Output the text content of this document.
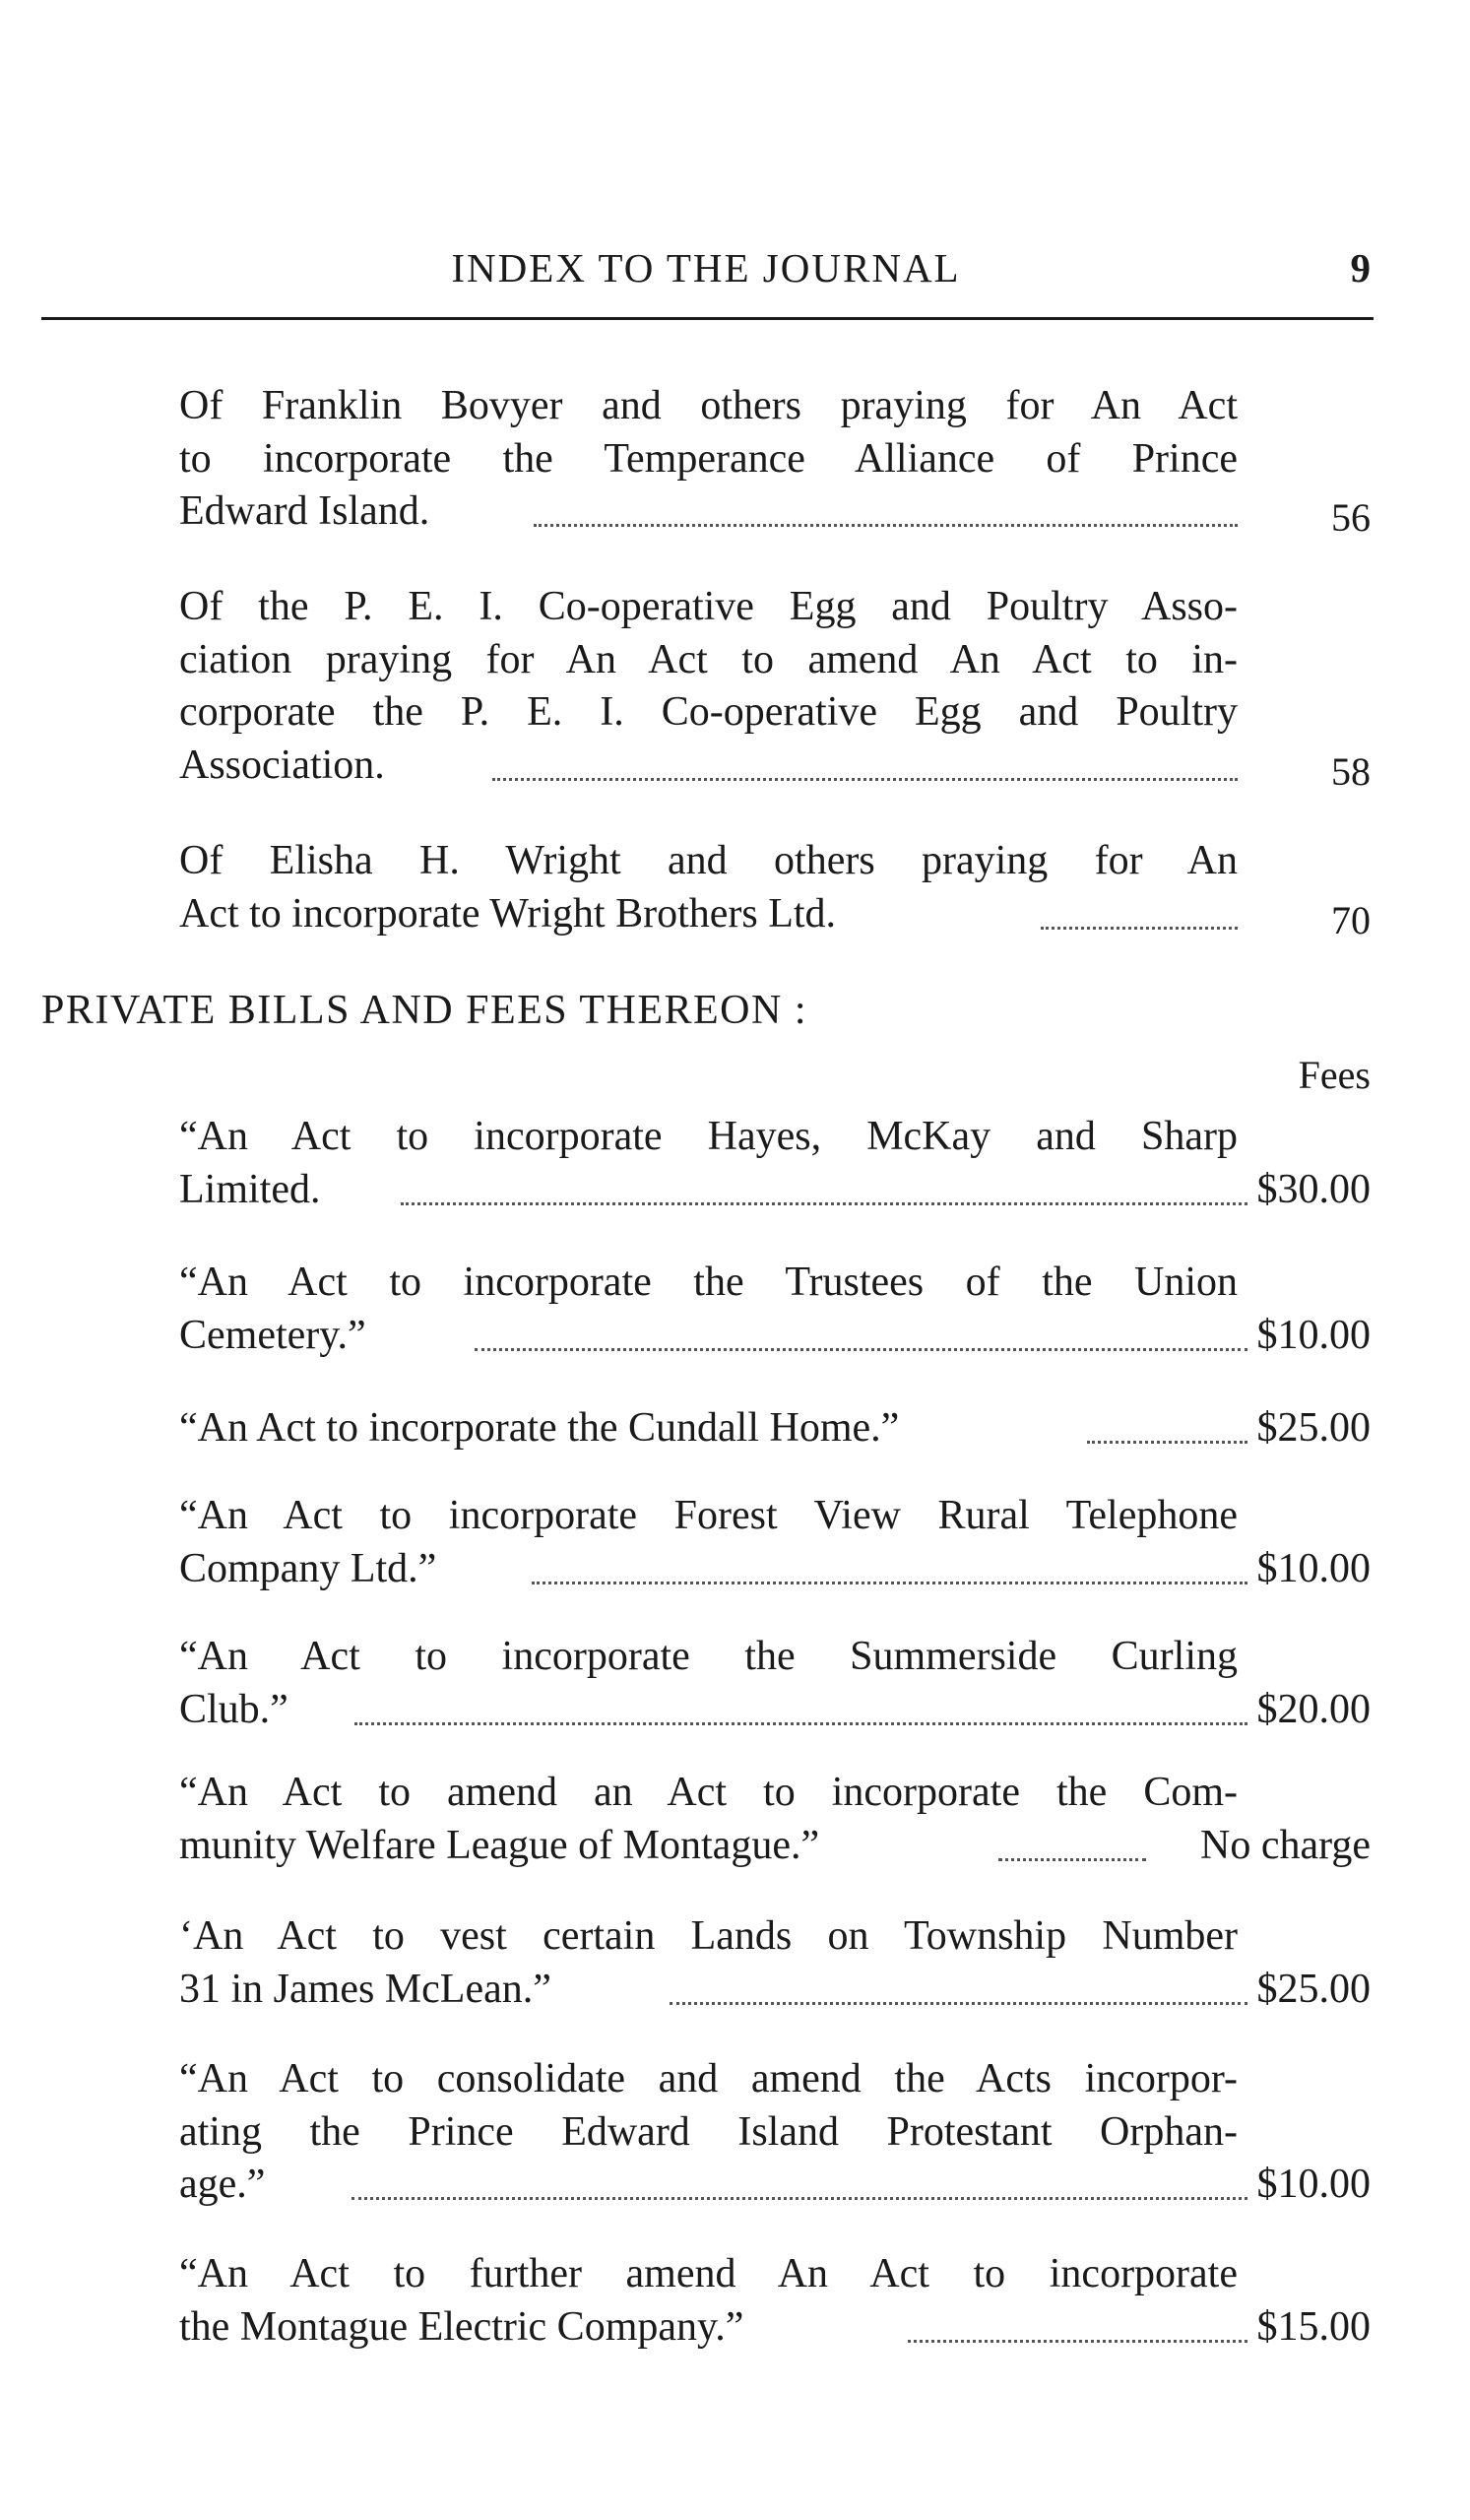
INDEX TO THE JOURNAL	9
Of Franklin Bovyer and others praying for An Act
to incorporate the Temperance Alliance of Prince
Edward Island.	56
Of the P. E. I. Co-operative Egg and Poultry Asso-
ciation praying for An Act to amend An Act to in-
corporate the P. E. I. Co-operative Egg and Poultry
Association.	58
Of Elisha H. Wright and others praying for An
Act to incorporate Wright Brothers Ltd.	70
PRIVATE BILLS AND FEES THEREON :
Fees
“An Act to incorporate Hayes, McKay and Sharp
Limited.	$30.00
“An Act to incorporate the Trustees of the Union
Cemetery.”	$10.00
“An Act to incorporate the Cundall Home.”	$25.00
“An Act to incorporate Forest View Rural Telephone
Company Ltd.”	$10.00
“An Act to incorporate the Summerside Curling
Club.”	$20.00
“An Act to amend an Act to incorporate the Com-
munity Welfare League of Montague.”	No charge
‘An Act to vest certain Lands on Township Number
31 in James McLean.”	$25.00
“An Act to consolidate and amend the Acts incorpor-
ating the Prince Edward Island Protestant Orphan-
age.”	$10.00
“An Act to further amend An Act to incorporate
the Montague Electric Company.”	$15.00
